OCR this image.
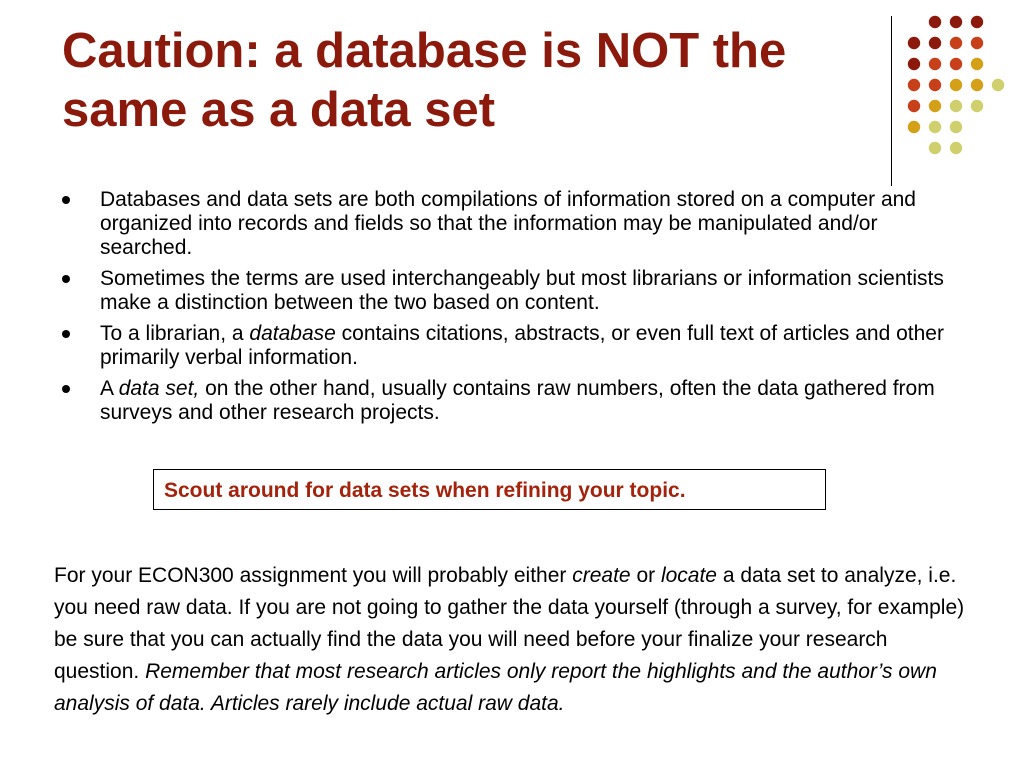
Caution: a database is NOT the same as a data set
Databases and data sets are both compilations of information stored on a computer and organized into records and fields so that the information may be manipulated and/or searched.
Sometimes the terms are used interchangeably but most librarians or information scientists make a distinction between the two based on content.
To a librarian, a database contains citations, abstracts, or even full text of articles and other primarily verbal information.
A data set, on the other hand, usually contains raw numbers, often the data gathered from surveys and other research projects.
Scout around for data sets when refining your topic.

For your ECON300 assignment you will probably either create or locate a data set to analyze, i.e. you need raw data. If you are not going to gather the data yourself (through a survey, for example) be sure that you can actually find the data you will need before your finalize your research question. Remember that most research articles only report the highlights and the author’s own analysis of data. Articles rarely include actual raw data.
